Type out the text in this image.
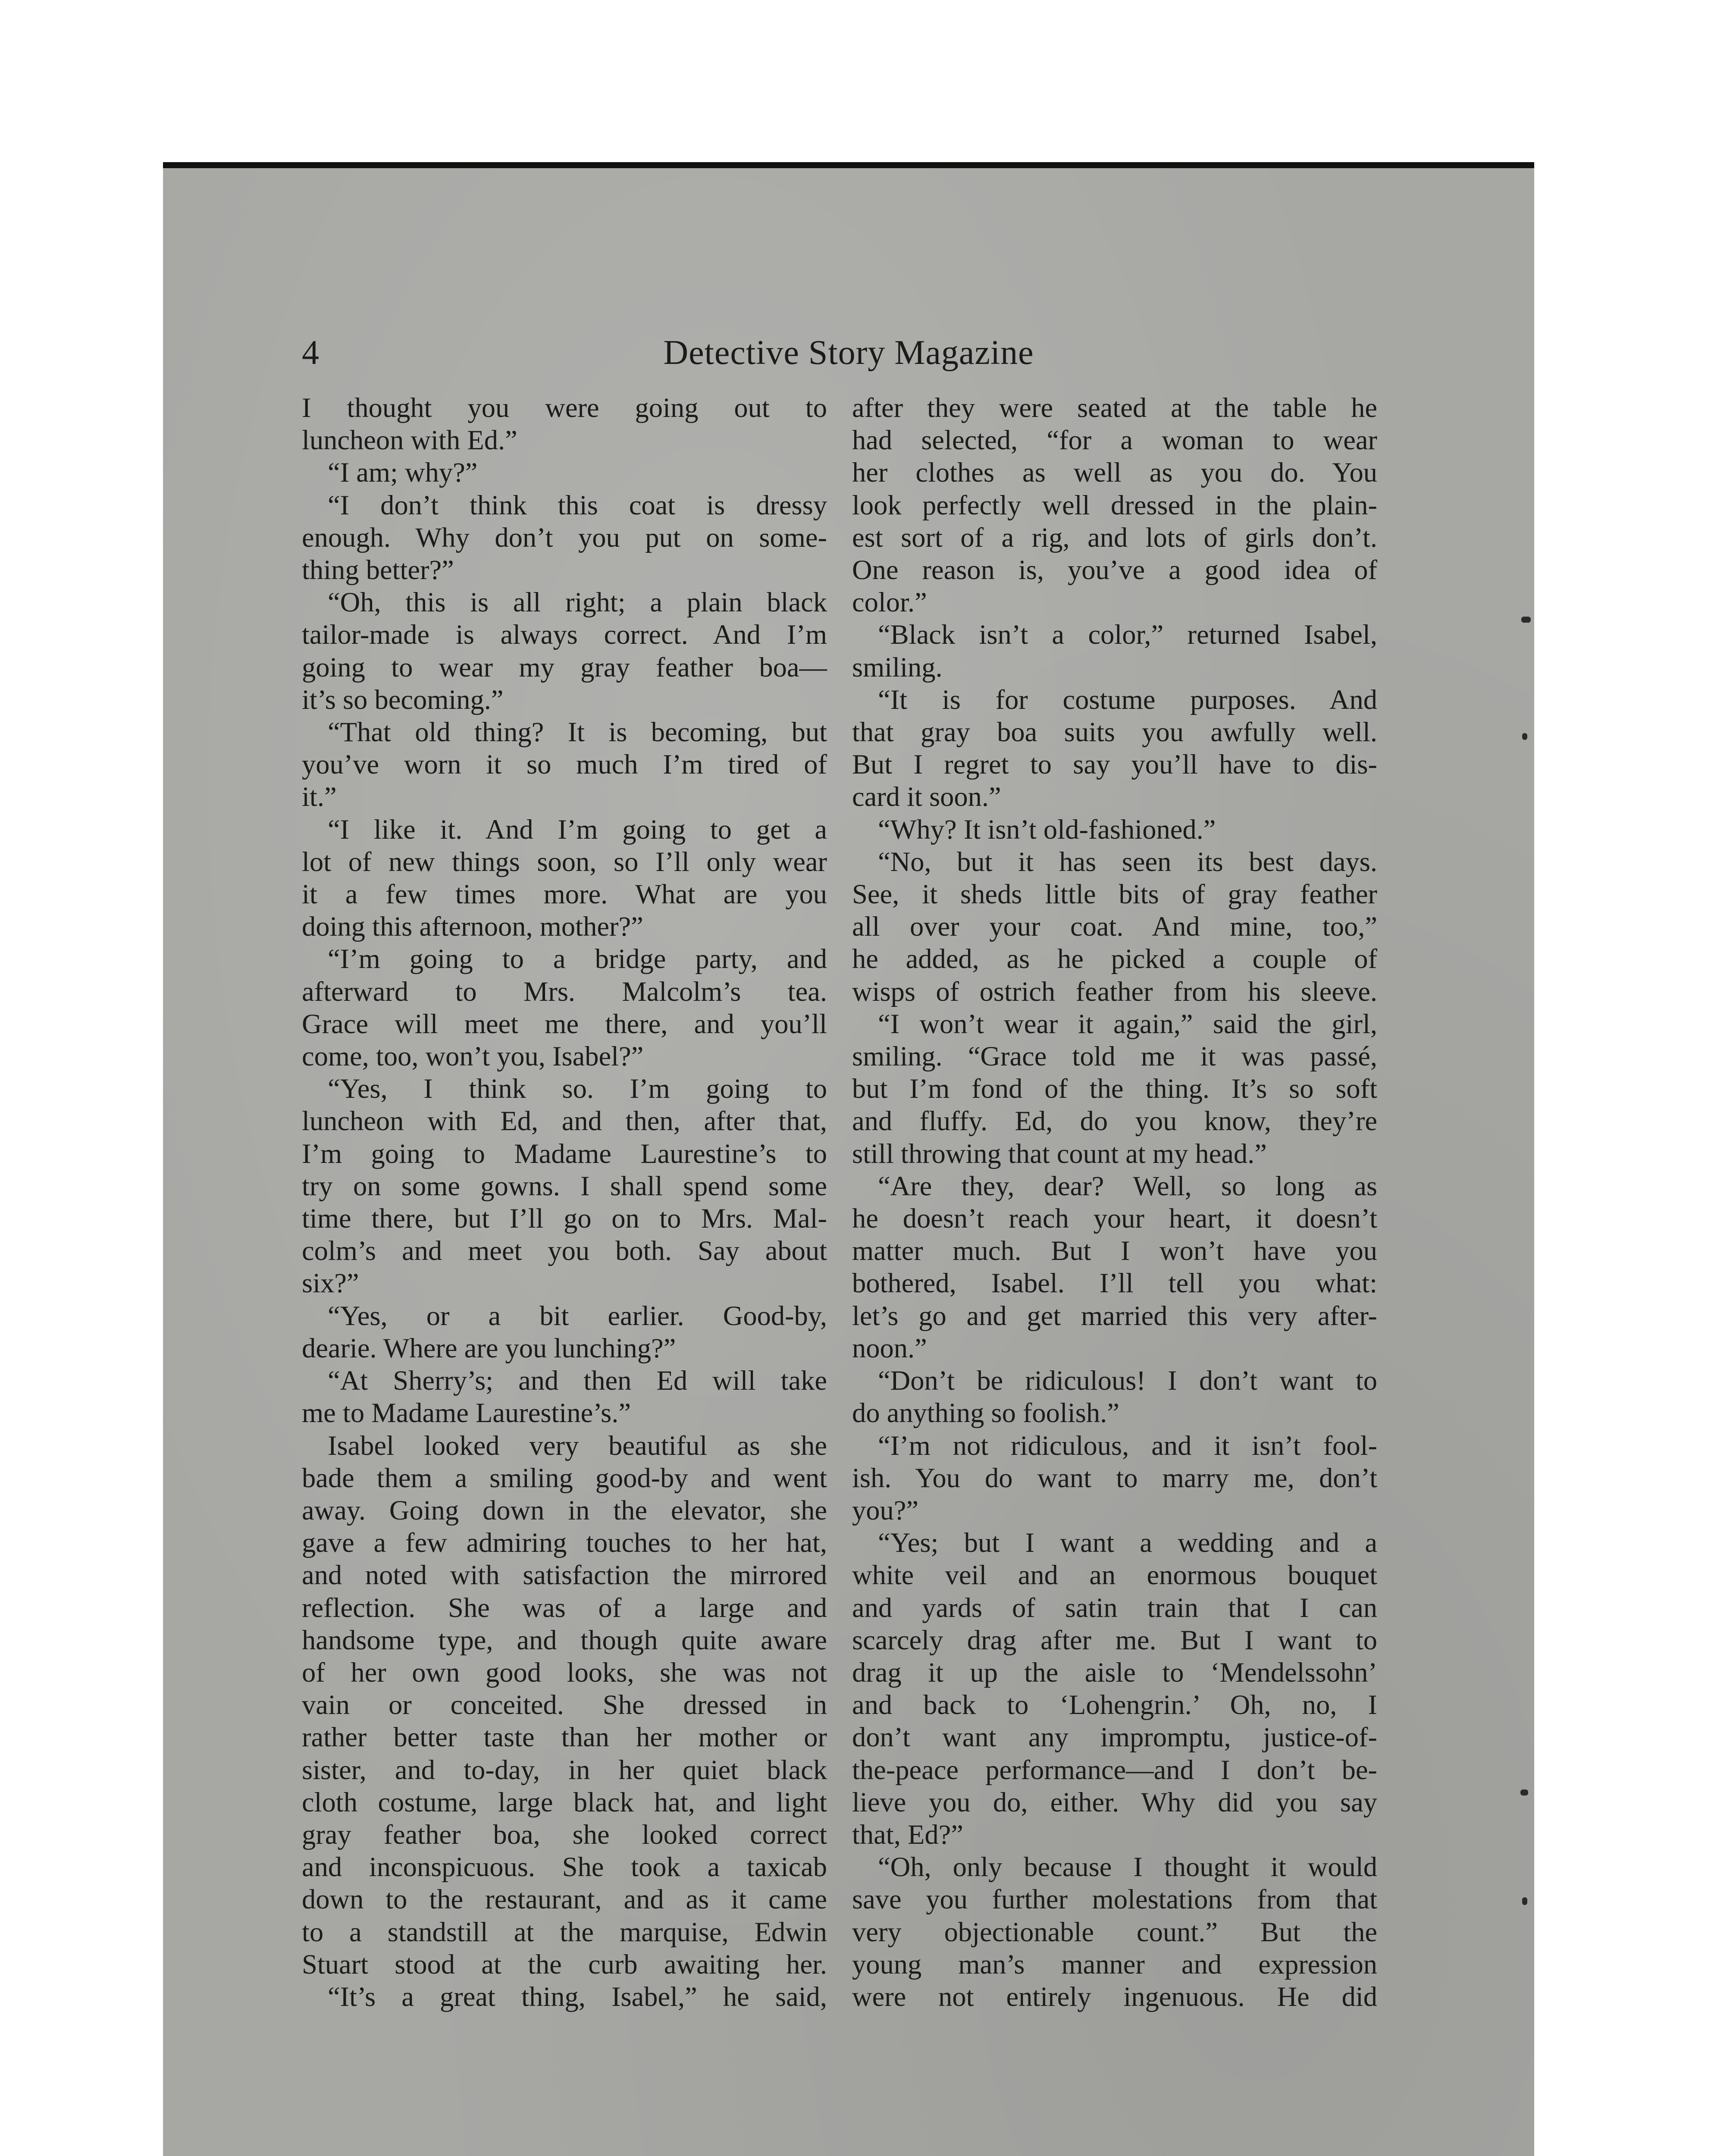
4	Detective Story Magazine

I thought you were going out to

luncheon with Ed.”

“I am; why?”

“I don’t think this coat is dressy

enough. Why don’t you put on some-

thing better?”

“Oh, this is all right; a plain black

tailor-made is always correct. And I’m

going to wear my gray feather boa—

it’s so becoming.”

“That old thing? It is becoming, but

you’ve worn it so much I’m tired of

it.”

“I like it. And I’m going to get a

lot of new things soon, so I’ll only wear

it a few times more. What are you

doing this afternoon, mother?”

“I’m going to a bridge party, and

afterward to Mrs. Malcolm’s tea.

Grace will meet me there, and you’ll

come, too, won’t you, Isabel?”

“Yes, I think so. I’m going to

luncheon with Ed, and then, after that,

I’m going to Madame Laurestine’s to

try on some gowns. I shall spend some

time there, but I’ll go on to Mrs. Mal-

colm’s and meet you both. Say about

six?”

“Yes, or a bit earlier. Good-by,

dearie. Where are you lunching?”

“At Sherry’s; and then Ed will take

me to Madame Laurestine’s.”

Isabel looked very beautiful as she

bade them a smiling good-by and went

away. Going down in the elevator, she

gave a few admiring touches to her hat,

and noted with satisfaction the mirrored

reflection. She was of a large and

handsome type, and though quite aware

of her own good looks, she was not

vain or conceited. She dressed in

rather better taste than her mother or

sister, and to-day, in her quiet black

cloth costume, large black hat, and light

gray feather boa, she looked correct

and inconspicuous. She took a taxicab

down to the restaurant, and as it came

to a standstill at the marquise, Edwin

Stuart stood at the curb awaiting her.

“It’s a great thing, Isabel,” he said,

after they were seated at the table he

had selected, “for a woman to wear

her clothes as well as you do. You

look perfectly well dressed in the plain-

est sort of a rig, and lots of girls don’t.

One reason is, you’ve a good idea of

color.”

“Black isn’t a color,” returned Isabel,

smiling.

“It is for costume purposes. And

that gray boa suits you awfully well.

But I regret to say you’ll have to dis-

card it soon.”

“Why? It isn’t old-fashioned.”

“No, but it has seen its best days.

See, it sheds little bits of gray feather

all over your coat. And mine, too,”

he added, as he picked a couple of

wisps of ostrich feather from his sleeve.

“I won’t wear it again,” said the girl,

smiling. “Grace told me it was passé,

but I’m fond of the thing. It’s so soft

and fluffy. Ed, do you know, they’re

still throwing that count at my head.”

“Are they, dear? Well, so long as

he doesn’t reach your heart, it doesn’t

matter much. But I won’t have you

bothered, Isabel. I’ll tell you what:

let’s go and get married this very after-

noon.”

“Don’t be ridiculous! I don’t want to

do anything so foolish.”

“I’m not ridiculous, and it isn’t fool-

ish. You do want to marry me, don’t

you?”

“Yes; but I want a wedding and a

white veil and an enormous bouquet

and yards of satin train that I can

scarcely drag after me. But I want to

drag it up the aisle to ‘Mendelssohn’

and back to ‘Lohengrin.’ Oh, no, I

don’t want any impromptu, justice-of-

the-peace performance—and I don’t be-

lieve you do, either. Why did you say

that, Ed?”

“Oh, only because I thought it would

save you further molestations from that

very objectionable count.” But the

young man’s manner and expression

were not entirely ingenuous. He did
